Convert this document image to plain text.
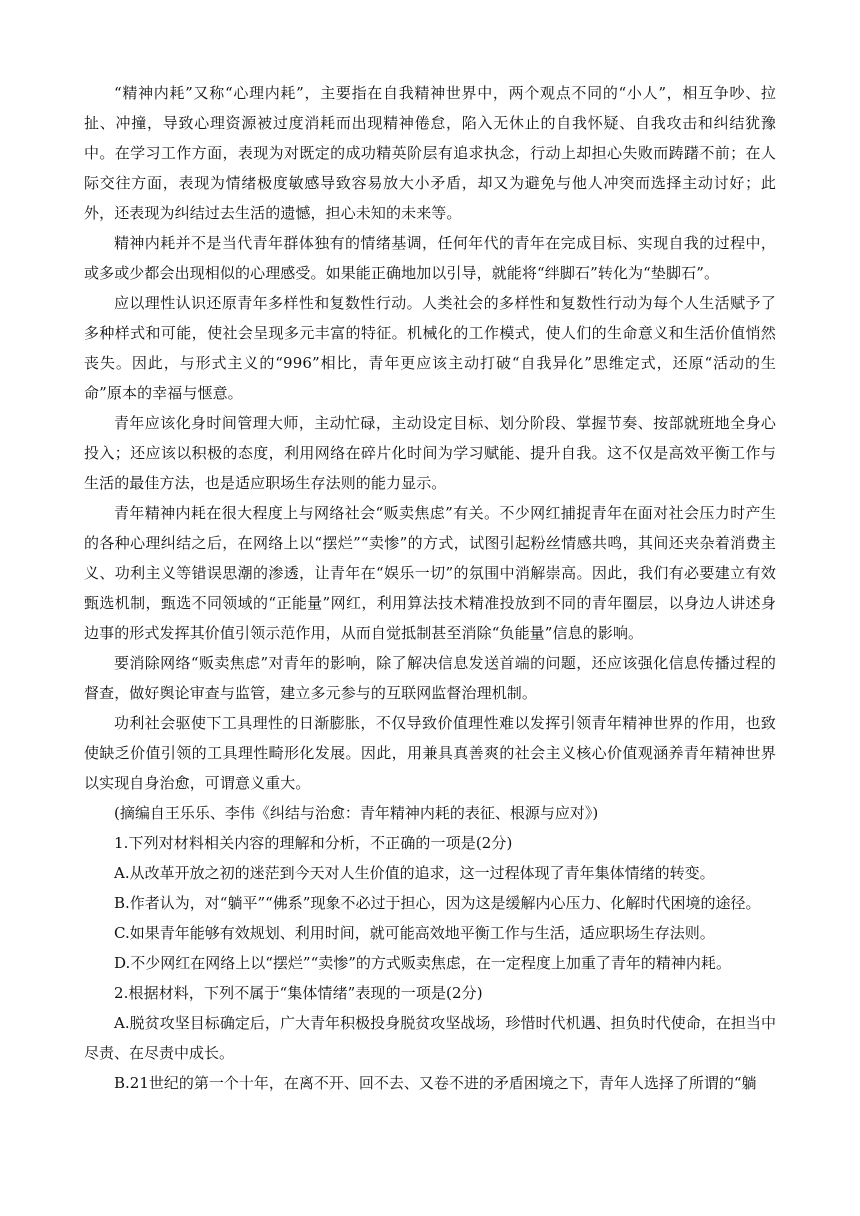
“精神内耗”又称“心理内耗”，主要指在自我精神世界中，两个观点不同的“小人”，相互争吵、拉扯、冲撞，导致心理资源被过度消耗而出现精神倦怠，陷入无休止的自我怀疑、自我攻击和纠结犹豫中。在学习工作方面，表现为对既定的成功精英阶层有追求执念，行动上却担心失败而踌躇不前；在人际交往方面，表现为情绪极度敏感导致容易放大小矛盾，却又为避免与他人冲突而选择主动讨好；此外，还表现为纠结过去生活的遗憾，担心未知的未来等。

精神内耗并不是当代青年群体独有的情绪基调，任何年代的青年在完成目标、实现自我的过程中，或多或少都会出现相似的心理感受。如果能正确地加以引导，就能将“绊脚石”转化为“垫脚石”。

应以理性认识还原青年多样性和复数性行动。人类社会的多样性和复数性行动为每个人生活赋予了多种样式和可能，使社会呈现多元丰富的特征。机械化的工作模式，使人们的生命意义和生活价值悄然丧失。因此，与形式主义的“996”相比，青年更应该主动打破“自我异化”思维定式，还原“活动的生命”原本的幸福与惬意。

青年应该化身时间管理大师，主动忙碌，主动设定目标、划分阶段、掌握节奏、按部就班地全身心投入；还应该以积极的态度，利用网络在碎片化时间为学习赋能、提升自我。这不仅是高效平衡工作与生活的最佳方法，也是适应职场生存法则的能力显示。

青年精神内耗在很大程度上与网络社会“贩卖焦虑”有关。不少网红捕捉青年在面对社会压力时产生的各种心理纠结之后，在网络上以“摆烂”“卖惨”的方式，试图引起粉丝情感共鸣，其间还夹杂着消费主义、功利主义等错误思潮的渗透，让青年在“娱乐一切”的氛围中消解崇高。因此，我们有必要建立有效甄选机制，甄选不同领域的“正能量”网红，利用算法技术精准投放到不同的青年圈层，以身边人讲述身边事的形式发挥其价值引领示范作用，从而自觉抵制甚至消除“负能量”信息的影响。

要消除网络“贩卖焦虑”对青年的影响，除了解决信息发送首端的问题，还应该强化信息传播过程的督查，做好舆论审查与监管，建立多元参与的互联网监督治理机制。

功利社会驱使下工具理性的日渐膨胀，不仅导致价值理性难以发挥引领青年精神世界的作用，也致使缺乏价值引领的工具理性畸形化发展。因此，用兼具真善爽的社会主义核心价值观涵养青年精神世界以实现自身治愈，可谓意义重大。

(摘编自王乐乐、李伟《纠结与治愈：青年精神内耗的表征、根源与应对》)

1.下列对材料相关内容的理解和分析，不正确的一项是(2分)

A.从改革开放之初的迷茫到今天对人生价值的追求，这一过程体现了青年集体情绪的转变。

B.作者认为，对“躺平”“佛系”现象不必过于担心，因为这是缓解内心压力、化解时代困境的途径。

C.如果青年能够有效规划、利用时间，就可能高效地平衡工作与生活，适应职场生存法则。

D.不少网红在网络上以“摆烂”“卖惨”的方式贩卖焦虑，在一定程度上加重了青年的精神内耗。

2.根据材料，下列不属于“集体情绪”表现的一项是(2分)

A.脱贫攻坚目标确定后，广大青年积极投身脱贫攻坚战场，珍惜时代机遇、担负时代使命，在担当中尽责、在尽责中成长。

B.21世纪的第一个十年，在离不开、回不去、又卷不进的矛盾困境之下，青年人选择了所谓的“躺
